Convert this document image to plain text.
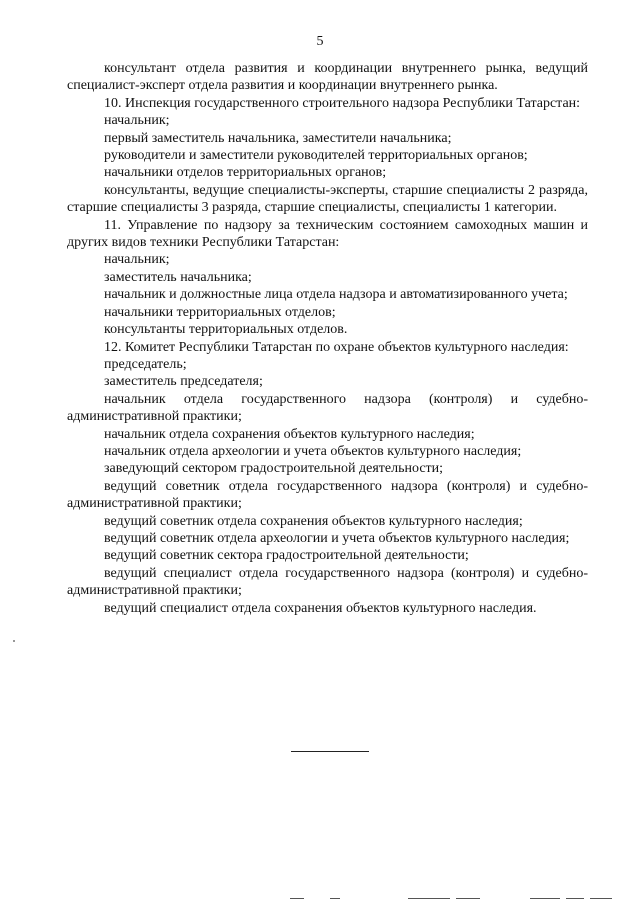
5

консультант отдела развития и координации внутреннего рынка, ведущий специалист-эксперт отдела развития и координации внутреннего рынка.

10. Инспекция государственного строительного надзора Республики Татарстан:

начальник;

первый заместитель начальника, заместители начальника;

руководители и заместители руководителей территориальных органов;

начальники отделов территориальных органов;

консультанты, ведущие специалисты-эксперты, старшие специалисты 2 разряда, старшие специалисты 3 разряда, старшие специалисты, специалисты 1 категории.

11. Управление по надзору за техническим состоянием самоходных машин и других видов техники Республики Татарстан:

начальник;

заместитель начальника;

начальник и должностные лица отдела надзора и автоматизированного учета;

начальники территориальных отделов;

консультанты территориальных отделов.

12. Комитет Республики Татарстан по охране объектов культурного наследия:

председатель;

заместитель председателя;

начальник отдела государственного надзора (контроля) и судебно-административной практики;

начальник отдела сохранения объектов культурного наследия;

начальник отдела археологии и учета объектов культурного наследия;

заведующий сектором градостроительной деятельности;

ведущий советник отдела государственного надзора (контроля) и судебно-административной практики;

ведущий советник отдела сохранения объектов культурного наследия;

ведущий советник отдела археологии и учета объектов культурного наследия;

ведущий советник сектора градостроительной деятельности;

ведущий специалист отдела государственного надзора (контроля) и судебно-административной практики;

ведущий специалист отдела сохранения объектов культурного наследия.
